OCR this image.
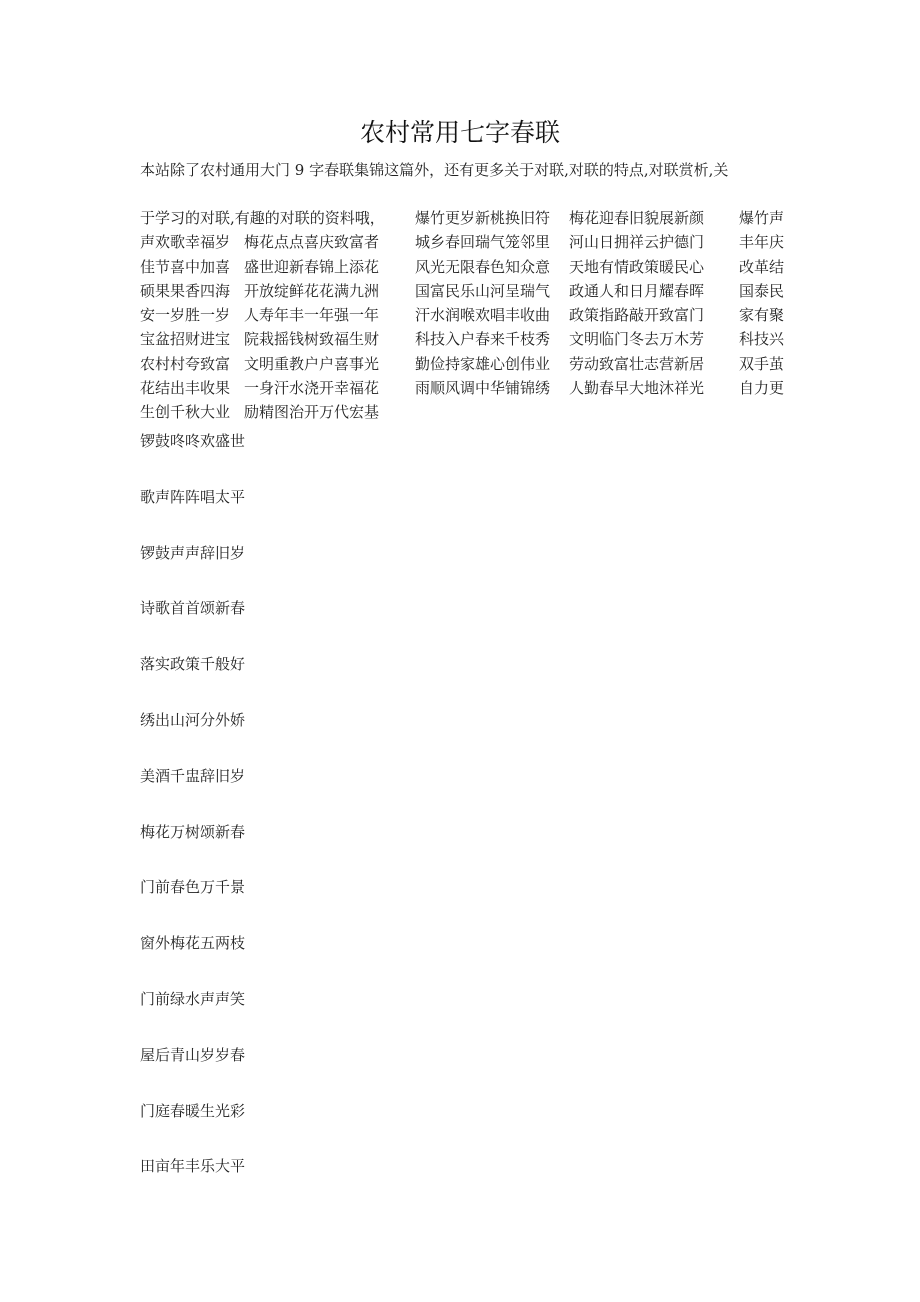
农村常用七字春联
本站除了农村通用大门 9 字春联集锦这篇外，还有更多关于对联,对联的特点,对联赏析,关
于学习的对联,有趣的对联的资料哦， 爆竹更岁新桃换旧符 梅花迎春旧貌展新颜 爆竹声
声欢歌幸福岁 梅花点点喜庆致富者 城乡春回瑞气笼邻里 河山日拥祥云护德门 丰年庆
佳节喜中加喜 盛世迎新春锦上添花 风光无限春色知众意 天地有情政策暖民心 改革结
硕果果香四海 开放绽鲜花花满九洲 国富民乐山河呈瑞气 政通人和日月耀春晖 国泰民
安一岁胜一岁 人寿年丰一年强一年 汗水润喉欢唱丰收曲 政策指路敲开致富门 家有聚
宝盆招财进宝 院栽摇钱树致福生财 科技入户春来千枝秀 文明临门冬去万木芳 科技兴
农村村夸致富 文明重教户户喜事光 勤俭持家雄心创伟业 劳动致富壮志营新居 双手茧
花结出丰收果 一身汗水浇开幸福花 雨顺风调中华铺锦绣 人勤春早大地沐祥光 自力更
生创千秋大业 励精图治开万代宏基
锣鼓咚咚欢盛世
歌声阵阵唱太平
锣鼓声声辞旧岁
诗歌首首颂新春
落实政策千般好
绣出山河分外娇
美酒千盅辞旧岁
梅花万树颂新春
门前春色万千景
窗外梅花五两枝
门前绿水声声笑
屋后青山岁岁春
门庭春暖生光彩
田亩年丰乐大平
